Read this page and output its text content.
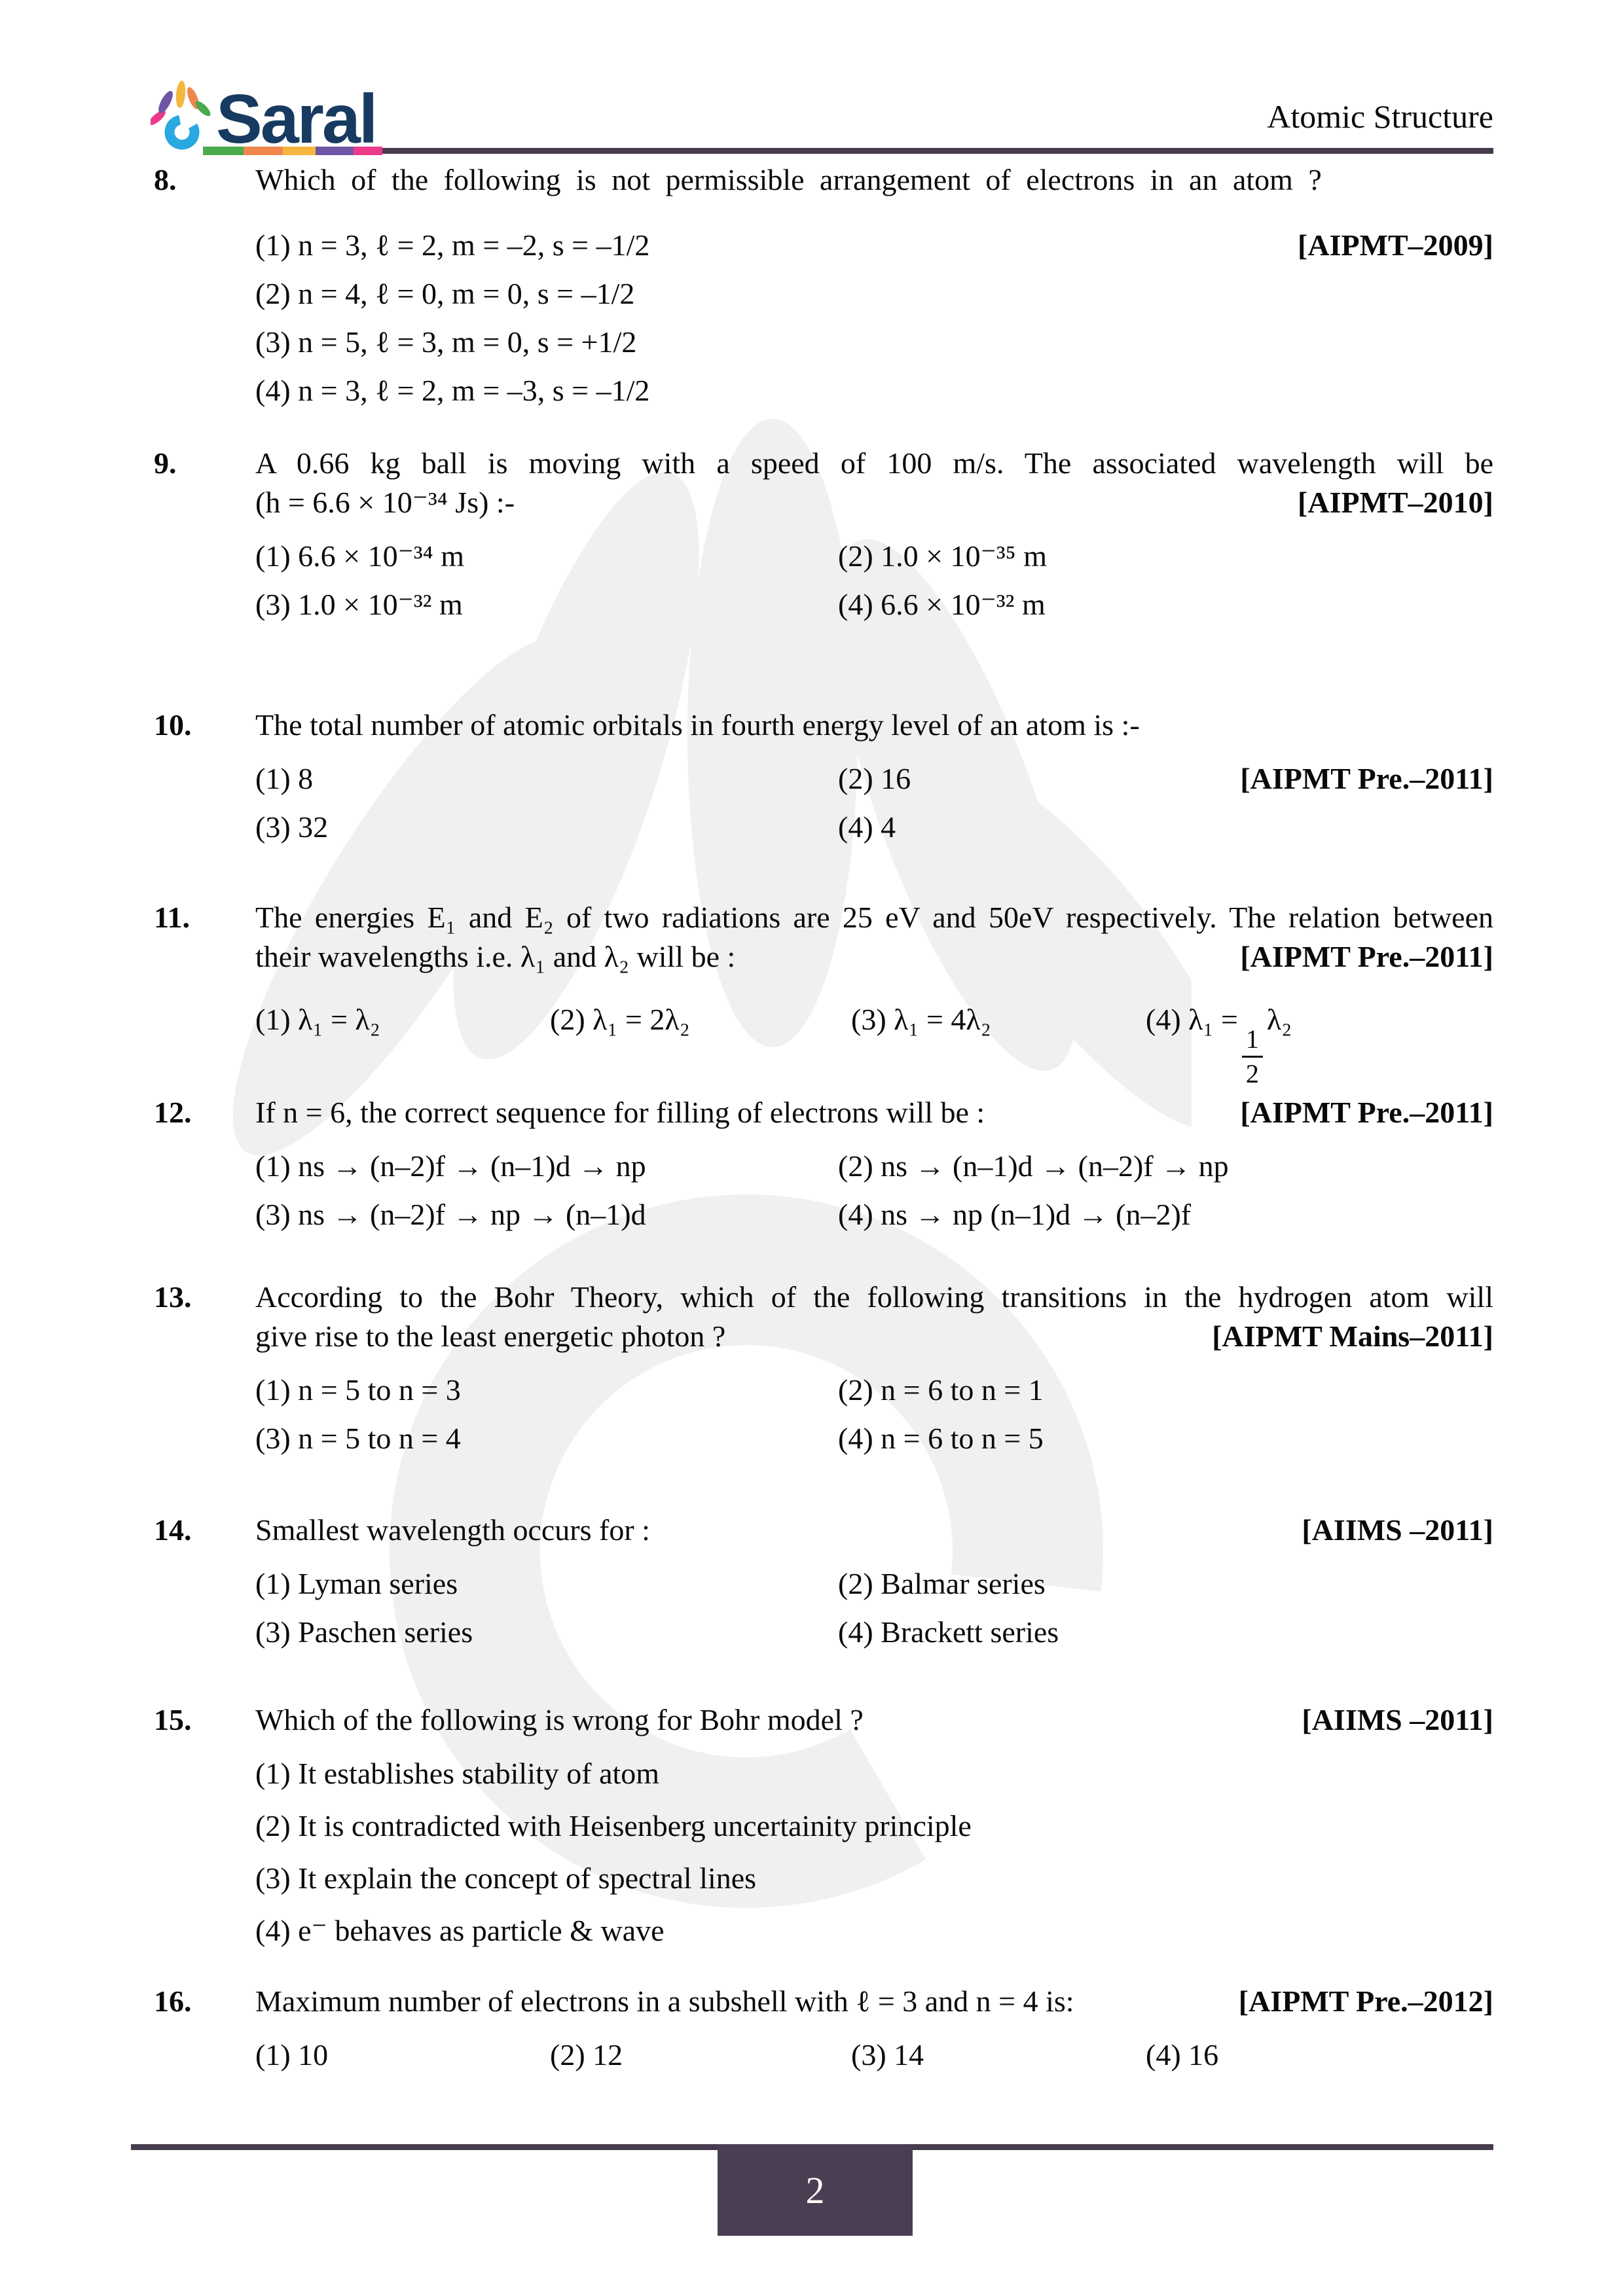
Saral	Atomic Structure
8.	Which of the following is not permissible arrangement of electrons in an atom ?
(1) n = 3, ℓ = 2, m = –2, s = –1/2	[AIPMT–2009]
(2) n = 4, ℓ = 0, m = 0, s = –1/2
(3) n = 5, ℓ = 3, m = 0, s = +1/2
(4) n = 3, ℓ = 2, m = –3, s = –1/2
9.	A 0.66 kg ball is moving with a speed of 100 m/s. The associated wavelength will be
(h = 6.6 × 10⁻³⁴ Js) :-	[AIPMT–2010]
(1) 6.6 × 10⁻³⁴ m	(2) 1.0 × 10⁻³⁵ m
(3) 1.0 × 10⁻³² m	(4) 6.6 × 10⁻³² m
10. The total number of atomic orbitals in fourth energy level of an atom is :-
(1) 8	(2) 16	[AIPMT Pre.–2011]
(3) 32	(4) 4
11. The energies E₁ and E₂ of two radiations are 25 eV and 50eV respectively. The relation between
their wavelengths i.e. λ₁ and λ₂ will be :	[AIPMT Pre.–2011]
(1) λ₁ = λ₂	(2) λ₁ = 2λ₂	(3) λ₁ = 4λ₂	(4) λ₁ =
$\frac{1}{2}$
λ₂
12. If n = 6, the correct sequence for filling of electrons will be :	[AIPMT Pre.–2011]
(1) ns → (n–2)f → (n–1)d → np	(2) ns → (n–1)d → (n–2)f → np
(3) ns → (n–2)f → np → (n–1)d	(4) ns → np (n–1)d → (n–2)f
13. According to the Bohr Theory, which of the following transitions in the hydrogen atom will
give rise to the least energetic photon ?	[AIPMT Mains–2011]
(1) n = 5 to n = 3	(2) n = 6 to n = 1
(3) n = 5 to n = 4	(4) n = 6 to n = 5
14. Smallest wavelength occurs for :	[AIIMS –2011]
(1) Lyman series	(2) Balmar series
(3) Paschen series	(4) Brackett series
15. Which of the following is wrong for Bohr model ?	[AIIMS –2011]
(1) It establishes stability of atom
(2) It is contradicted with Heisenberg uncertainity principle
(3) It explain the concept of spectral lines
(4) e⁻ behaves as particle & wave
16. Maximum number of electrons in a subshell with ℓ = 3 and n = 4 is:	[AIPMT Pre.–2012]
(1) 10	(2) 12	(3) 14	(4) 16
2
